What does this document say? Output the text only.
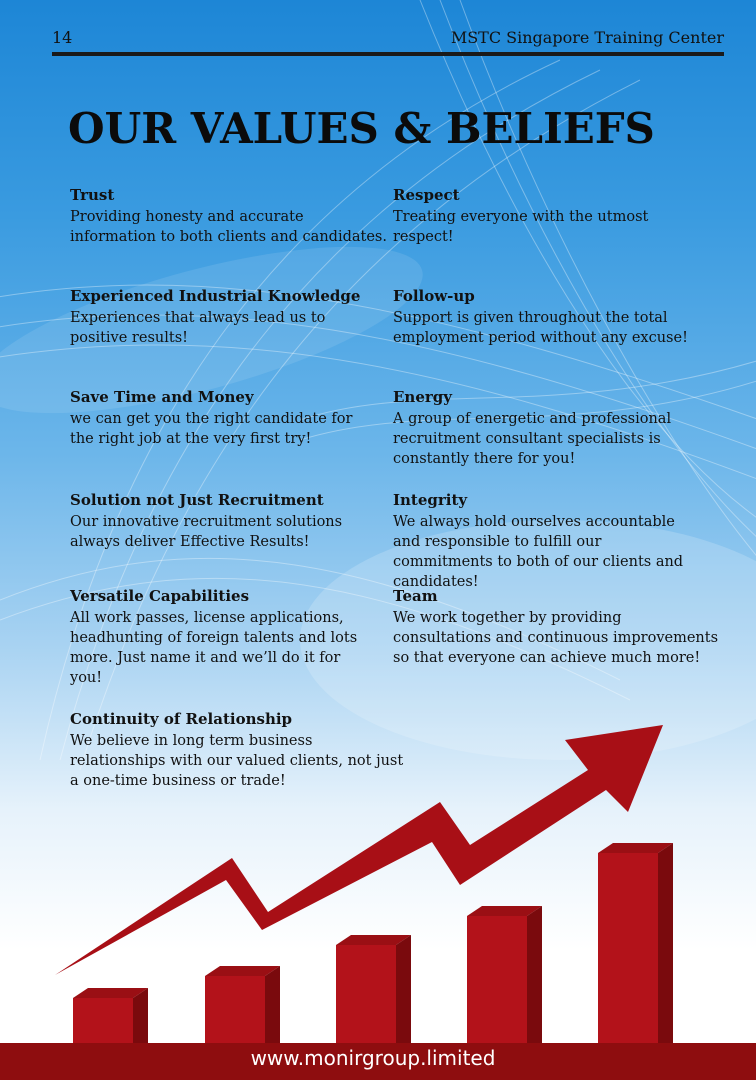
14	MSTC Singapore Training Center
OUR VALUES & BELIEFS
Trust

Providing honesty and accurate information to both clients and candidates.

Respect

Treating everyone with the utmost respect!

Experienced Industrial Knowledge

Experiences that always lead us to positive results!

Follow-up

Support is given throughout the total employment period without any excuse!

Save Time and Money

we can get you the right candidate for the right job at the very first try!

Energy

A group of energetic and professional recruitment consultant specialists is constantly there for you!

Solution not Just Recruitment

Our innovative recruitment solutions always deliver Effective Results!

Integrity

We always hold ourselves accountable and responsible to fulfill our commitments to both of our clients and candidates!

Versatile Capabilities

All work passes, license applications, headhunting of foreign talents and lots more. Just name it and we’ll do it for you!

Team

We work together by providing consultations and continuous improvements so that everyone can achieve much more!

Continuity of Relationship

We believe in long term business relationships with our valued clients, not just a one-time business or trade!

www.monirgroup.limited
